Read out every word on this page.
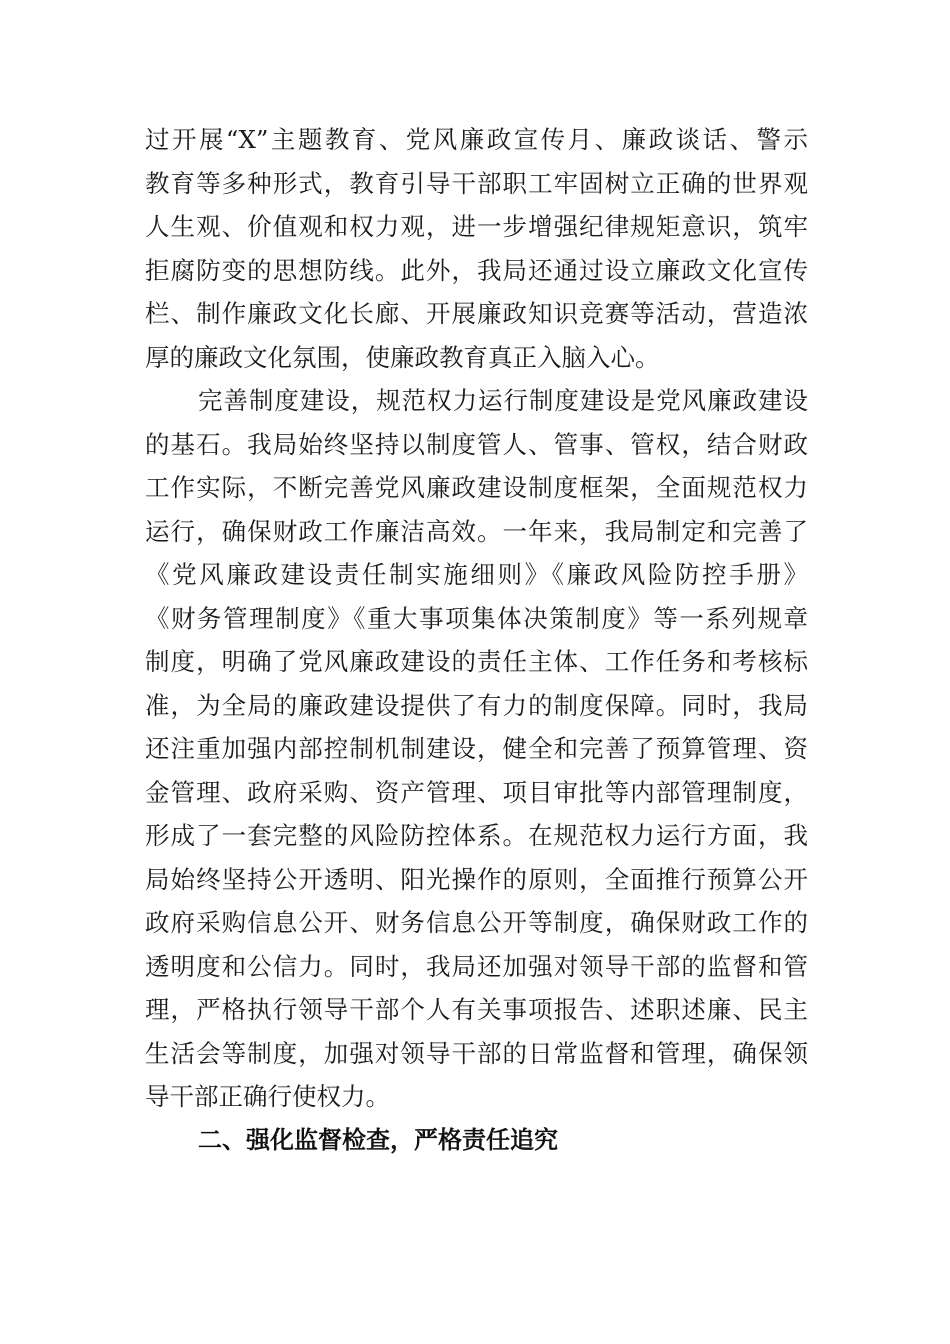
过开展“X”主题教育、党风廉政宣传月、廉政谈话、警示
教育等多种形式，教育引导干部职工牢固树立正确的世界观
人生观、价值观和权力观，进一步增强纪律规矩意识，筑牢
拒腐防变的思想防线。此外，我局还通过设立廉政文化宣传
栏、制作廉政文化长廊、开展廉政知识竞赛等活动，营造浓
厚的廉政文化氛围，使廉政教育真正入脑入心。
完善制度建设，规范权力运行制度建设是党风廉政建设
的基石。我局始终坚持以制度管人、管事、管权，结合财政
工作实际，不断完善党风廉政建设制度框架，全面规范权力
运行，确保财政工作廉洁高效。一年来，我局制定和完善了
《党风廉政建设责任制实施细则》《廉政风险防控手册》
《财务管理制度》《重大事项集体决策制度》等一系列规章
制度，明确了党风廉政建设的责任主体、工作任务和考核标
准，为全局的廉政建设提供了有力的制度保障。同时，我局
还注重加强内部控制机制建设，健全和完善了预算管理、资
金管理、政府采购、资产管理、项目审批等内部管理制度，
形成了一套完整的风险防控体系。在规范权力运行方面，我
局始终坚持公开透明、阳光操作的原则，全面推行预算公开
政府采购信息公开、财务信息公开等制度，确保财政工作的
透明度和公信力。同时，我局还加强对领导干部的监督和管
理，严格执行领导干部个人有关事项报告、述职述廉、民主
生活会等制度，加强对领导干部的日常监督和管理，确保领
导干部正确行使权力。
二、强化监督检查，严格责任追究
